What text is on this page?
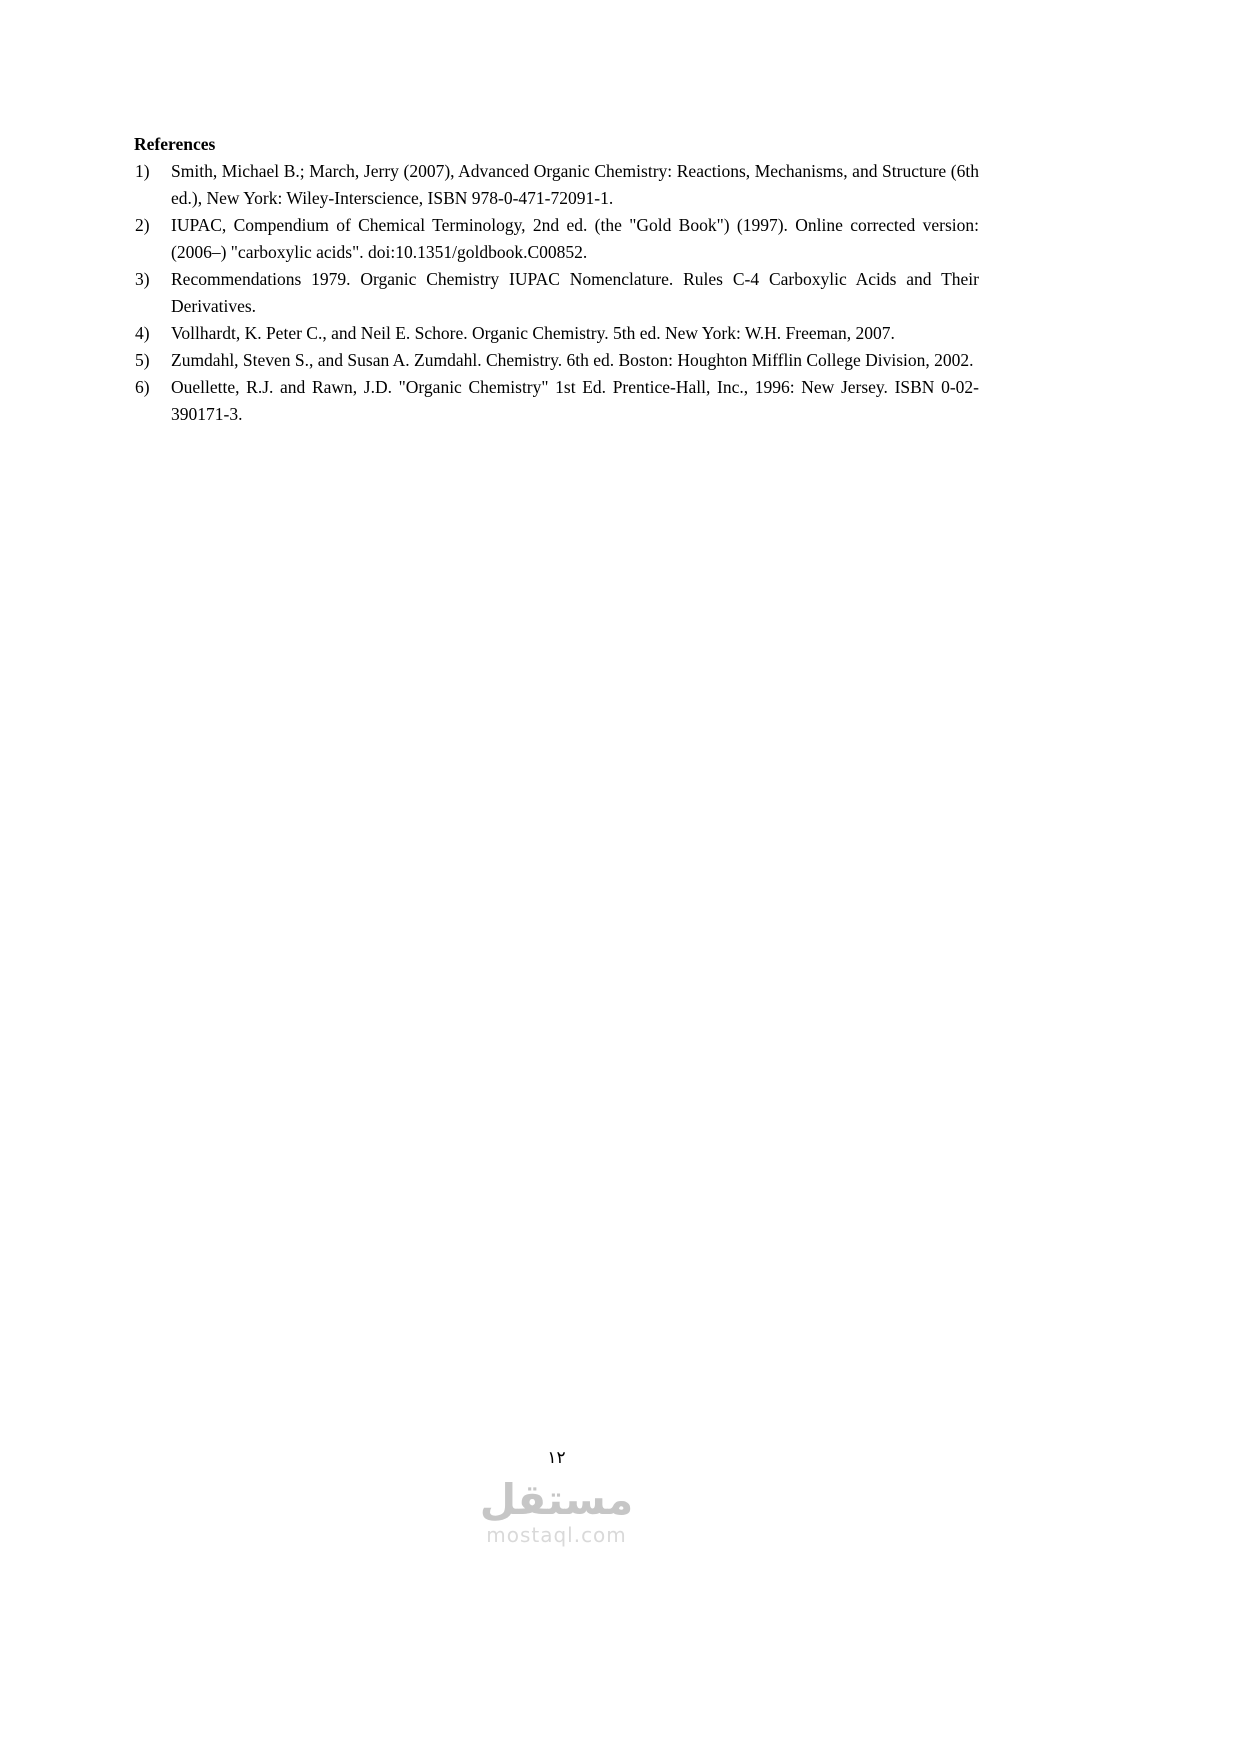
References
1) Smith, Michael B.; March, Jerry (2007), Advanced Organic Chemistry: Reactions, Mechanisms, and Structure (6th ed.), New York: Wiley-Interscience, ISBN 978-0-471-72091-1.
2) IUPAC, Compendium of Chemical Terminology, 2nd ed. (the "Gold Book") (1997). Online corrected version: (2006–) "carboxylic acids". doi:10.1351/goldbook.C00852.
3) Recommendations 1979. Organic Chemistry IUPAC Nomenclature. Rules C-4 Carboxylic Acids and Their Derivatives.
4) Vollhardt, K. Peter C., and Neil E. Schore. Organic Chemistry. 5th ed. New York: W.H. Freeman, 2007.
5) Zumdahl, Steven S., and Susan A. Zumdahl. Chemistry. 6th ed. Boston: Houghton Mifflin College Division, 2002.
6) Ouellette, R.J. and Rawn, J.D. "Organic Chemistry" 1st Ed. Prentice-Hall, Inc., 1996: New Jersey. ISBN 0-02-390171-3.
١٢
مستقل
mostaql.com
